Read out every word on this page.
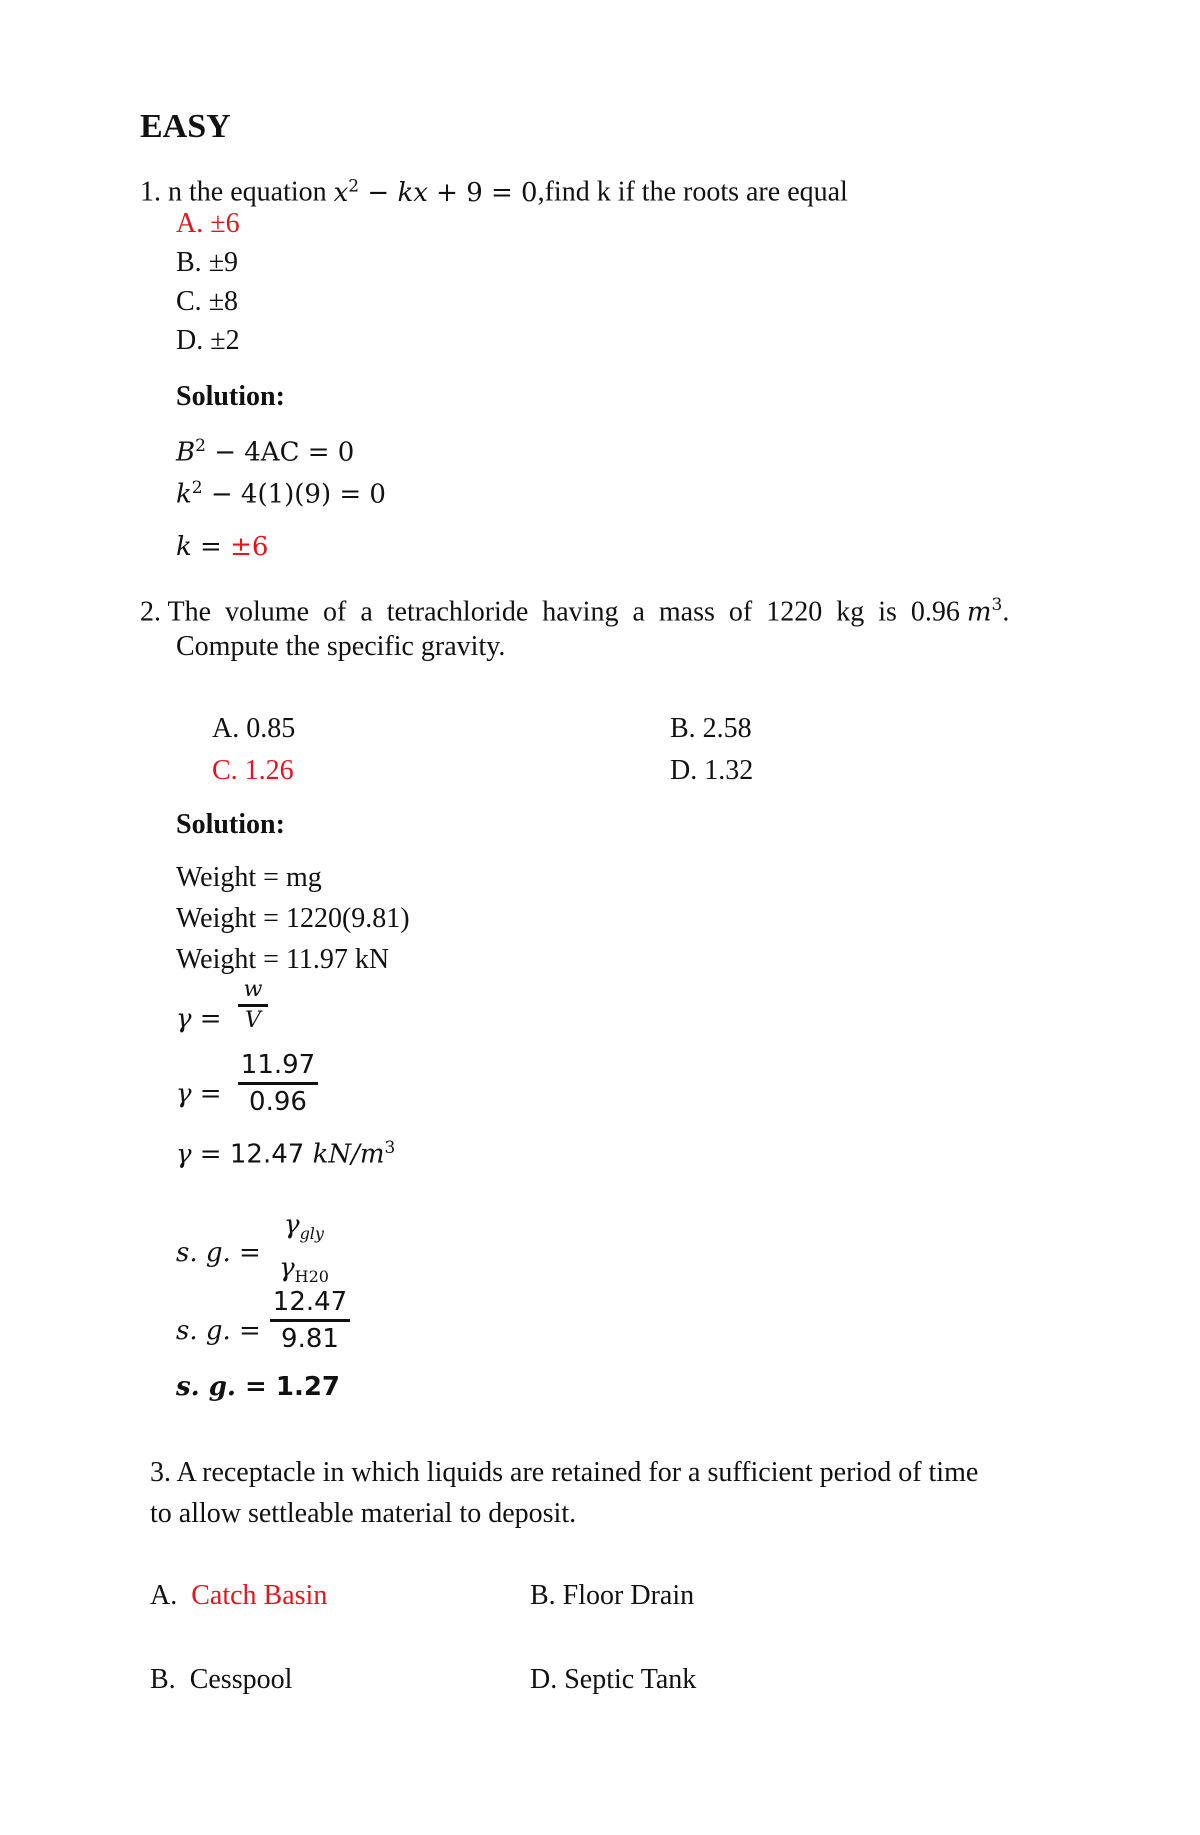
EASY
1. n the equation $x^2$ − kx + 9 = 0,find k if the roots are equal
A. ±6
B. ±9
C. ±8
D. ±2
Solution:
$B^2 - 4AC = 0$
$k^2 - 4(1)(9) = 0$
k = ±6
2. The  volume  of  a  tetrachloride  having  a  mass  of  1220  kg  is  0.96 $m^3$.
Compute the specific gravity.
A. 0.85	B. 2.58
C. 1.26	D. 1.32
Solution:
Weight = mg
Weight = 1220(9.81)
Weight = 11.97 kN
γ =
w
V
γ =
11.97
0.96
γ = 12.47 $kN/m^3$
s. g. =
$\gamma_{gly}$
$\gamma_{H20}$
s. g. =
12.47
9.81
s. g. = 1.27
3. A receptacle in which liquids are retained for a sufficient period of time
to allow settleable material to deposit.
A. Catch Basin	B. Floor Drain
B. Cesspool	D. Septic Tank
